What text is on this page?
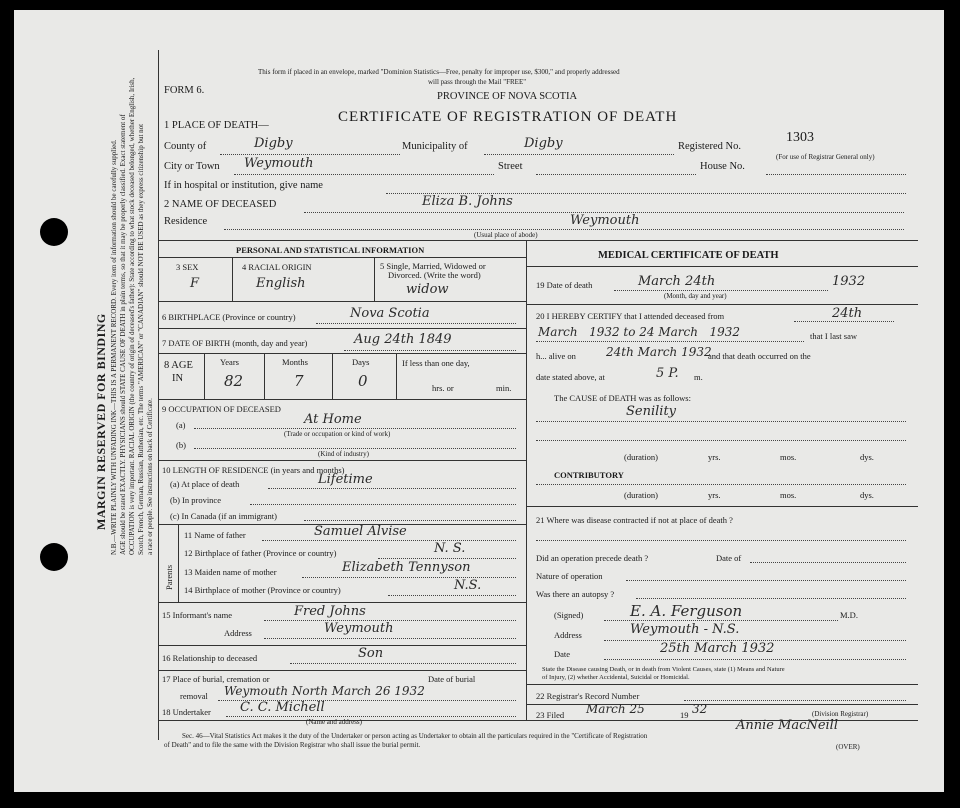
MARGIN RESERVED FOR BINDING N.B.—WRITE PLAINLY WITH UNFADING INK—THIS IS A PERMANENT RECORD. Every item of information should be carefully supplied. AGE should be stated EXACTLY. PHYSICIANS should STATE CAUSE OF DEATH in plain terms, so that it may be properly classified. Exact statement of OCCUPATION is very important. RACIAL ORIGIN (the country of origin of deceased's father): State according to what stock deceased belonged, whether English, Irish, Scotch, French, German, Russian, Ruthenian, etc. The terms "AMERICAN" or "CANADIAN" should NOT BE USED as they express citizenship but not a race or people. See instructions on back of Certificate.
This form if placed in an envelope, marked "Dominion Statistics—Free, penalty for improper use, $300," and properly addressed
will pass through the Mail "FREE"
PROVINCE OF NOVA SCOTIA
FORM 6.
CERTIFICATE OF REGISTRATION OF DEATH
1 PLACE OF DEATH—
County of	Digby	Municipality of	Digby	Registered No.
1303
(For use of Registrar General only)
City or Town Weymouth	Street	House No.
If in hospital or institution, give name
2 NAME OF DECEASED	Eliza B. Johns
Residence	Weymouth
(Usual place of abode)
PERSONAL AND STATISTICAL INFORMATION
3 SEX
F
4 RACIAL ORIGIN
English
5 Single, Married, Widowed or
Divorced. (Write the word)
widow
6 BIRTHPLACE (Province or country)	Nova Scotia
7 DATE OF BIRTH (month, day and year)	Aug 24th 1849
8 AGE
IN
Years	Months	Days
82	7	0
If less than one day,
hrs. or	min.
9 OCCUPATION OF DECEASED
(a)	At Home
(Trade or occupation or kind of work)
(b)
(Kind of industry)
10 LENGTH OF RESIDENCE (in years and months)
(a) At place of death	Lifetime
(b) In province
(c) In Canada (if an immigrant)
Parents
11 Name of father	Samuel Alvise
12 Birthplace of father (Province or country)	N. S.
13 Maiden name of mother	Elizabeth Tennyson
14 Birthplace of mother (Province or country)	N.S.
15 Informant's name	Fred Johns
Address	Weymouth
16 Relationship to deceased	Son
17 Place of burial, cremation or	Date of burial
removal Weymouth North March 26 1932
18 Undertaker C. C. Michell
(Name and address)
MEDICAL CERTIFICATE OF DEATH
19 Date of death	March 24th	1932
(Month, day and year)
20 I HEREBY CERTIFY that I attended deceased from	24th
March   1932 to 24 March   1932	that I last saw
h... alive on	24th March 1932
and that death occurred on the
date stated above, at	5 P. m.
The CAUSE of DEATH was as follows:
Senility
(duration)	yrs.	mos.	dys.
CONTRIBUTORY
(duration)	yrs.	mos.	dys.
21 Where was disease contracted if not at place of death ?
Did an operation precede death ?	Date of
Nature of operation
Was there an autopsy ?
(Signed)	E. A. Ferguson	M.D.
Address	Weymouth - N.S.
Date	25th March 1932
State the Disease causing Death, or in death from Violent Causes, state (1) Means and Nature
of Injury, (2) whether Accidental, Suicidal or Homicidal.
22 Registrar's Record Number
23 Filed March 25	19 32
Annie MacNeill
(Division Registrar)
Sec. 46—Vital Statistics Act makes it the duty of the Undertaker or person acting as Undertaker to obtain all the particulars required in the "Certificate of Registration
of Death" and to file the same with the Division Registrar who shall issue the burial permit.	(OVER)
